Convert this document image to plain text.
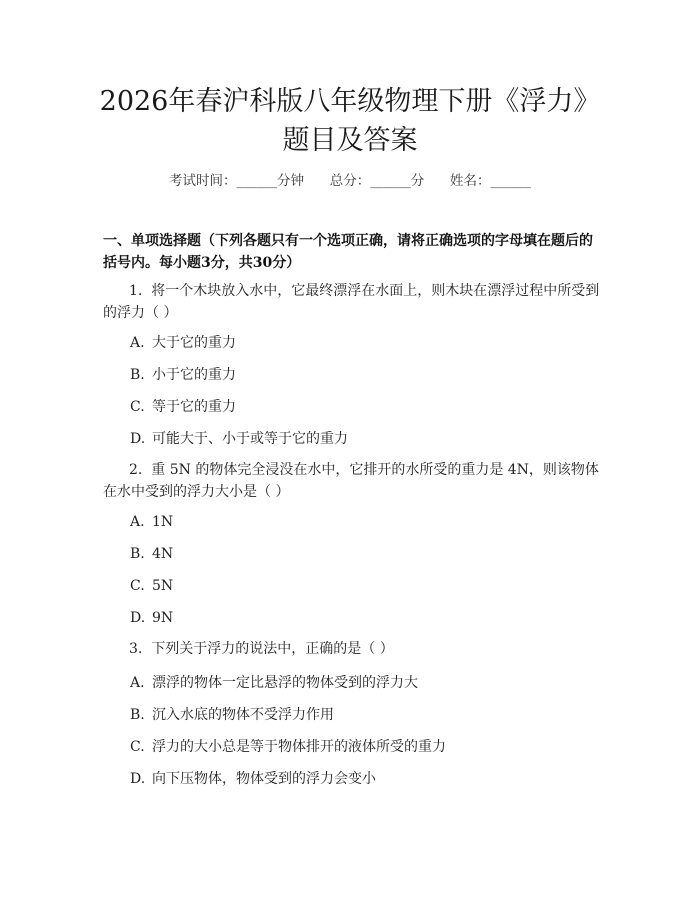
2026年春沪科版八年级物理下册《浮力》题目及答案
考试时间：______分钟      总分：______分      姓名：______

一、单项选择题（下列各题只有一个选项正确，请将正确选项的字母填在题后的括号内。每小题3分，共30分）

1. 将一个木块放入水中，它最终漂浮在水面上，则木块在漂浮过程中所受到的浮力（ ）

A. 大于它的重力
B. 小于它的重力
C. 等于它的重力
D. 可能大于、小于或等于它的重力

2. 重 5N 的物体完全浸没在水中，它排开的水所受的重力是 4N，则该物体在水中受到的浮力大小是（ ）

A. 1N
B. 4N
C. 5N
D. 9N

3. 下列关于浮力的说法中，正确的是（ ）

A. 漂浮的物体一定比悬浮的物体受到的浮力大
B. 沉入水底的物体不受浮力作用
C. 浮力的大小总是等于物体排开的液体所受的重力
D. 向下压物体，物体受到的浮力会变小
